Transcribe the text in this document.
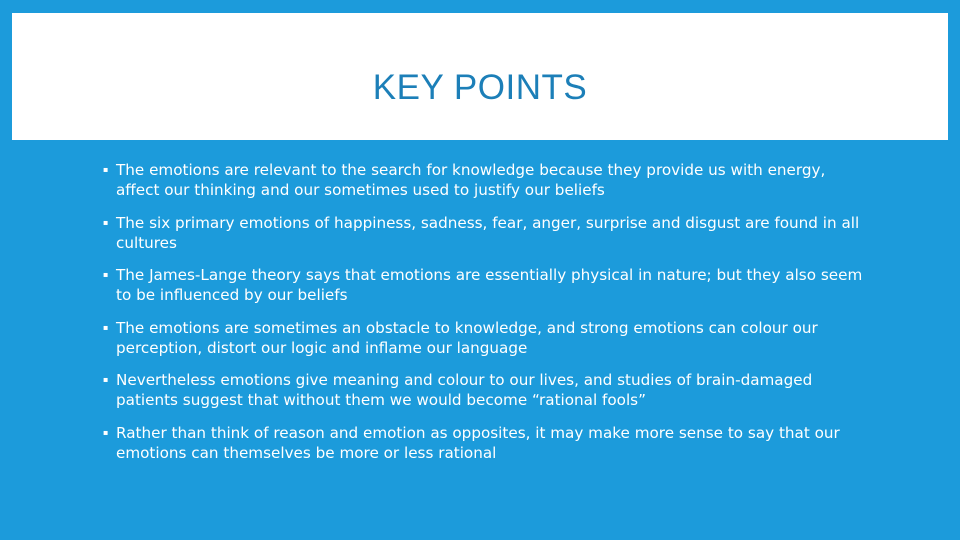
KEY POINTS
▪ The emotions are relevant to the search for knowledge because they provide us with energy, affect our thinking and our sometimes used to justify our beliefs
▪ The six primary emotions of happiness, sadness, fear, anger, surprise and disgust are found in all cultures
▪ The James-Lange theory says that emotions are essentially physical in nature; but they also seem to be influenced by our beliefs
▪ The emotions are sometimes an obstacle to knowledge, and strong emotions can colour our perception, distort our logic and inflame our language
▪ Nevertheless emotions give meaning and colour to our lives, and studies of brain-damaged patients suggest that without them we would become “rational fools”
▪ Rather than think of reason and emotion as opposites, it may make more sense to say that our emotions can themselves be more or less rational
